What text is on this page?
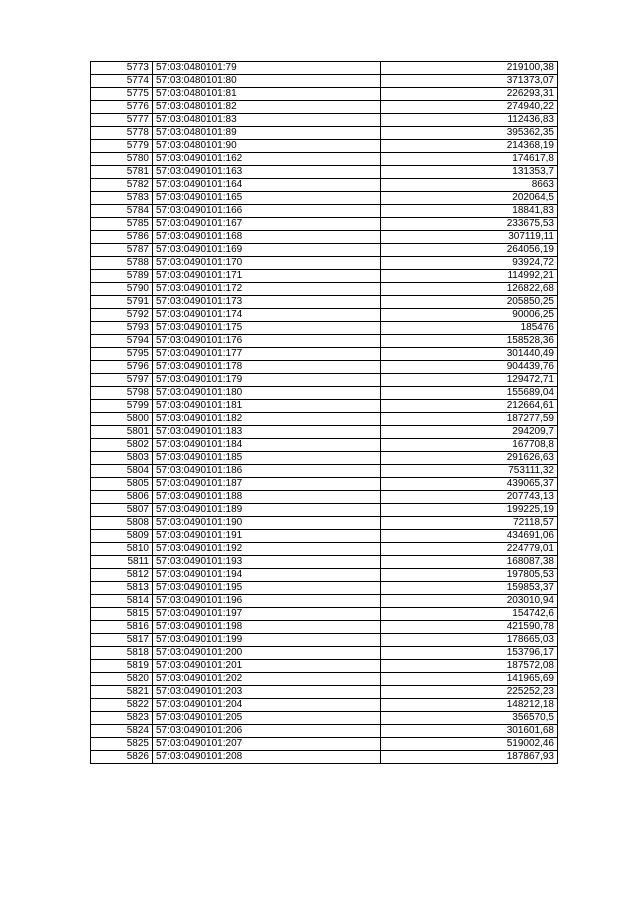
5773	57:03:0480101:79	219100,38
5774	57:03:0480101:80	371373,07
5775	57:03:0480101:81	226293,31
5776	57:03:0480101:82	274940,22
5777	57:03:0480101:83	112436,83
5778	57:03:0480101:89	395362,35
5779	57:03:0480101:90	214368,19
5780	57:03:0490101:162	174617,8
5781	57:03:0490101:163	131353,7
5782	57:03:0490101:164	8663
5783	57:03:0490101:165	202064,5
5784	57:03:0490101:166	18841,83
5785	57:03:0490101:167	233675,53
5786	57:03:0490101:168	307119,11
5787	57:03:0490101:169	264056,19
5788	57:03:0490101:170	93924,72
5789	57:03:0490101:171	114992,21
5790	57:03:0490101:172	126822,68
5791	57:03:0490101:173	205850,25
5792	57:03:0490101:174	90006,25
5793	57:03:0490101:175	185476
5794	57:03:0490101:176	158528,36
5795	57:03:0490101:177	301440,49
5796	57:03:0490101:178	904439,76
5797	57:03:0490101:179	129472,71
5798	57:03:0490101:180	155689,04
5799	57:03:0490101:181	212664,61
5800	57:03:0490101:182	187277,59
5801	57:03:0490101:183	294209,7
5802	57:03:0490101:184	167708,8
5803	57:03:0490101:185	291626,63
5804	57:03:0490101:186	753111,32
5805	57:03:0490101:187	439065,37
5806	57:03:0490101:188	207743,13
5807	57:03:0490101:189	199225,19
5808	57:03:0490101:190	72118,57
5809	57:03:0490101:191	434691,06
5810	57:03:0490101:192	224779,01
5811	57:03:0490101:193	168087,38
5812	57:03:0490101:194	197805,53
5813	57:03:0490101:195	159853,37
5814	57:03:0490101:196	203010,94
5815	57:03:0490101:197	154742,6
5816	57:03:0490101:198	421590,78
5817	57:03:0490101:199	178665,03
5818	57:03:0490101:200	153796,17
5819	57:03:0490101:201	187572,08
5820	57:03:0490101:202	141965,69
5821	57:03:0490101:203	225252,23
5822	57:03:0490101:204	148212,18
5823	57:03:0490101:205	356570,5
5824	57:03:0490101:206	301601,68
5825	57:03:0490101:207	519002,46
5826	57:03:0490101:208	187867,93
